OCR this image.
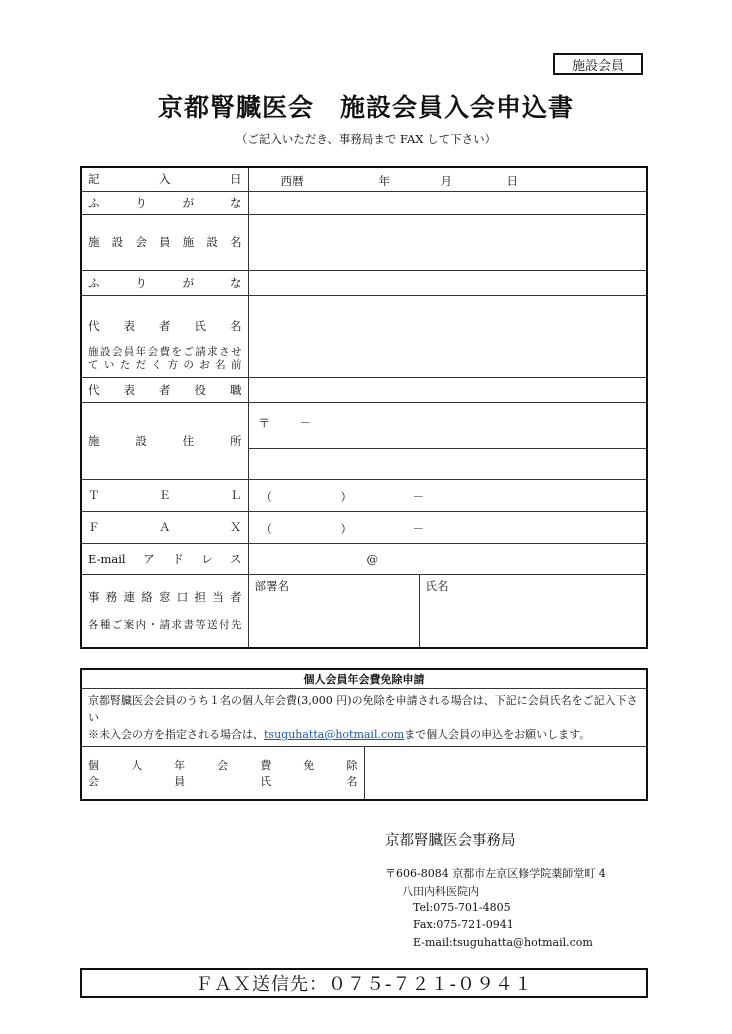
施設会員
京都腎臓医会　施設会員入会申込書
（ご記入いただき、事務局まで FAX して下さい）
記入日	西暦	年	月	日

ふりがな	
施設会員施設名	
ふりがな	

代表者氏名
施設会員年会費をご請求させ
ていただく方のお名前

代表者役職	
施設住所	
〒	－

ＴＥＬ	（	）	－

ＦＡＸ	（	）	－

E-mailアドレス	@

事務連絡窓口担当者
各種ご案内・請求書等送付先

部署名	氏名
個人会員年会費免除申請

京都腎臓医会会員のうち１名の個人年会費(3,000 円)の免除を申請される場合は、下記に会員氏名をご記入下さい
※未入会の方を指定される場合は、tsuguhatta@hotmail.comまで個人会員の申込をお願いします。

個人年会費免除
会員氏名

京都腎臓医会事務局
〒606-8084 京都市左京区修学院薬師堂町 4
八田内科医院内
Tel:075-701-4805
Fax:075-721-0941
E-mail:tsuguhatta@hotmail.com
ＦＡＸ送信先：０７５-７２１-０９４１
